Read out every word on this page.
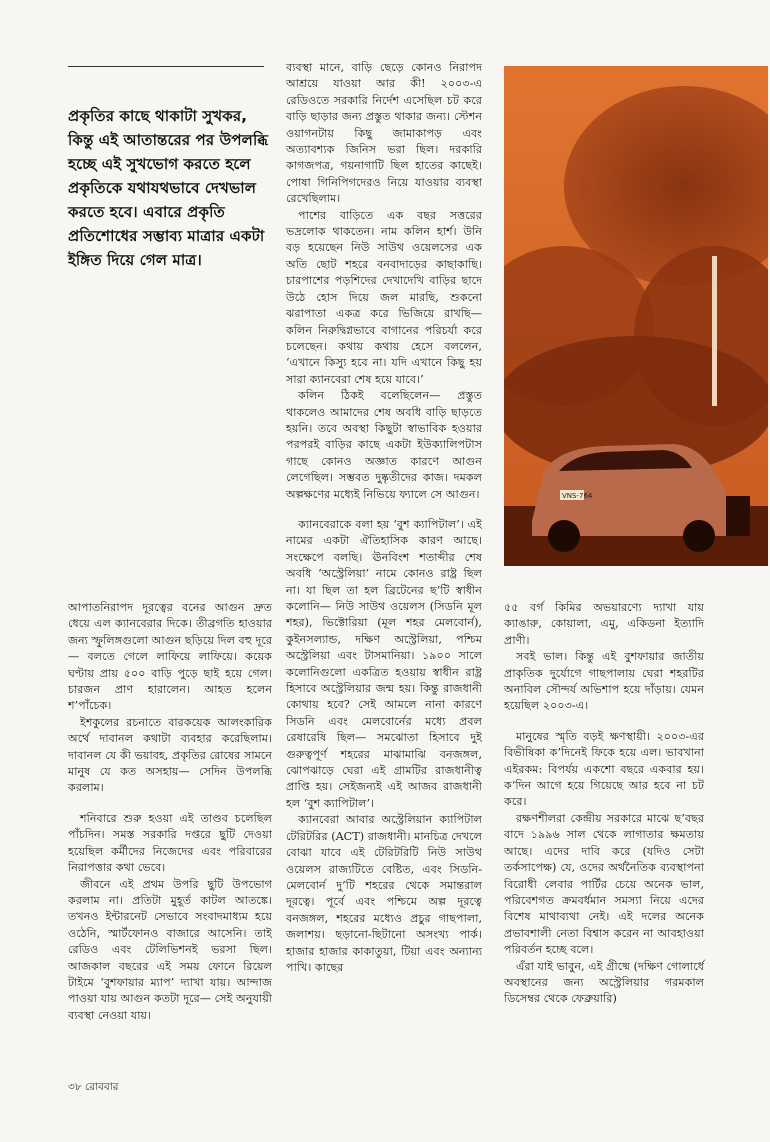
প্রকৃতির কাছে থাকাটা সুখকর, কিন্তু এই আতান্তরের পর উপলব্ধি হচ্ছে এই সুখভোগ করতে হলে প্রকৃতিকে যথাযথভাবে দেখভাল করতে হবে। এবারে প্রকৃতি প্রতিশোধের সম্ভাব্য মাত্রার একটা ইঙ্গিত দিয়ে গেল মাত্র।

ব্যবস্থা মানে, বাড়ি ছেড়ে কোনও নিরাপদ আশ্রয়ে যাওয়া আর কী! ২০০৩-এ রেডিওতে সরকারি নির্দেশ এসেছিল চট করে বাড়ি ছাড়ার জন্য প্রস্তুত থাকার জন্য। স্টেশন ওয়াগনটায় কিছু জামাকাপড় এবং অত্যাবশ্যক জিনিস ভরা ছিল। দরকারি কাগজপত্র, গয়নাগাটি ছিল হাতের কাছেই। পোষা গিনিপিগদেরও নিয়ে যাওয়ার ব্যবস্থা রেখেছিলাম।

পাশের বাড়িতে এক বছর সত্তরের ভদ্রলোক থাকতেন। নাম কলিন হার্শ। উনি বড় হয়েছেন নিউ সাউথ ওয়েলসের এক অতি ছোট শহরে বনবাদাড়ের কাছাকাছি। চারপাশের পড়শিদের দেখাদেখি বাড়ির ছাদে উঠে হোস দিয়ে জল মারছি, শুকনো ঝরাপাতা একত্র করে ভিজিয়ে রাখছি— কলিন নিরুদ্বিগ্নভাবে বাগানের পরিচর্যা করে চলেছেন। কথায় কথায় হেসে বললেন, ‘এখানে কিস্যু হবে না। যদি এখানে কিছু হয় সারা ক্যানবেরা শেষ হয়ে যাবে।’

কলিন ঠিকই বলেছিলেন— প্রস্তুত থাকলেও আমাদের শেষ অবধি বাড়ি ছাড়তে হয়নি। তবে অবস্থা কিছুটা স্বাভাবিক হওয়ার পরপরই বাড়ির কাছে একটা ইউক্যালিপটাস গাছে কোনও অজ্ঞাত কারণে আগুন লেগেছিল। সম্ভবত দুষ্কৃতীদের কাজ। দমকল অল্পক্ষণের মধ্যেই নিভিয়ে ফ্যালে সে আগুন।

ক্যানবেরাকে বলা হয় ‘বুশ ক্যাপিটাল’। এই নামের একটা ঐতিহাসিক কারণ আছে। সংক্ষেপে বলছি। ঊনবিংশ শতাব্দীর শেষ অবধি ‘অস্ট্রেলিয়া’ নামে কোনও রাষ্ট্র ছিল না। যা ছিল তা হল ব্রিটেনের ছ’টি স্বাধীন কলোনি— নিউ সাউথ ওয়েলস (সিডনি মূল শহর), ভিক্টোরিয়া (মূল শহর মেলবোর্ন), কুইনসল্যান্ড, দক্ষিণ অস্ট্রেলিয়া, পশ্চিম অস্ট্রেলিয়া এবং টাসমানিয়া। ১৯০০ সালে কলোনিগুলো একত্রিত হওয়ায় স্বাধীন রাষ্ট্র হিসাবে অস্ট্রেলিয়ার জন্ম হয়। কিন্তু রাজধানী কোথায় হবে? সেই আমলে নানা কারণে সিডনি এবং মেলবোর্নের মধ্যে প্রবল রেষারেষি ছিল— সমঝোতা হিসাবে দুই গুরুত্বপূর্ণ শহরের মাঝামাঝি বনজঙ্গল, ঝোপঝাড়ে ঘেরা এই গ্রামটির রাজধানীত্ব প্রাপ্তি হয়। সেইজন্যই এই আজব রাজধানী হল ‘বুশ ক্যাপিটাল’।

ক্যানবেরা আবার অস্ট্রেলিয়ান ক্যাপিটাল টেরিটরির (ACT) রাজধানী। মানচিত্র দেখলে বোঝা যাবে এই টেরিটরিটি নিউ সাউথ ওয়েলস রাজ্যটিতে বেষ্টিত, এবং সিডনি-মেলবোর্ন দু’টি শহরের থেকে সমান্তরাল দূরত্বে। পূর্বে এবং পশ্চিমে অল্প দূরত্বে বনজঙ্গল, শহরের মধ্যেও প্রচুর গাছপালা, জলাশয়। ছড়ানো-ছিটানো অসংখ্য পার্ক। হাজার হাজার কাকাতুয়া, টিয়া এবং অন্যান্য পাখি। কাছের

VNS-764

আপাতনিরাপদ দূরত্বের বনের আগুন দ্রুত ধেয়ে এল ক্যানবেরার দিকে। তীব্রগতি হাওয়ার জন্য স্ফুলিঙ্গগুলো আগুন ছড়িয়ে দিল বহু দূরে— বলতে গেলে লাফিয়ে লাফিয়ে। কয়েক ঘণ্টায় প্রায় ৫০০ বাড়ি পুড়ে ছাই হয়ে গেল। চারজন প্রাণ হারালেন। আহত হলেন শ’পাঁচেক।

ইশকুলের রচনাতে বারকয়েক আলংকারিক অর্থে দাবানল কথাটা ব্যবহার করেছিলাম। দাবানল যে কী ভয়াবহ, প্রকৃতির রোষের সামনে মানুষ যে কত অসহায়— সেদিন উপলব্ধি করলাম।

শনিবারে শুরু হওয়া এই তাণ্ডব চলেছিল পাঁচদিন। সমস্ত সরকারি দপ্তরে ছুটি দেওয়া হয়েছিল কর্মীদের নিজেদের এবং পরিবারের নিরাপত্তার কথা ভেবে।

জীবনে এই প্রথম উপরি ছুটি উপভোগ করলাম না। প্রতিটা মুহূর্ত কাটল আতঙ্কে। তখনও ইন্টারনেট সেভাবে সংবাদমাধ্যম হয়ে ওঠেনি, স্মার্টফোনও বাজারে আসেনি। তাই রেডিও এবং টেলিভিশনই ভরসা ছিল। আজকাল বছরের এই সময় ফোনে রিয়েল টাইমে ‘বুশফায়ার ম্যাপ’ দ্যাখা যায়। আন্দাজ পাওয়া যায় আগুন কতটা দূরে— সেই অনুযায়ী ব্যবস্থা নেওয়া যায়।

৫৫ বর্গ কিমির অভয়ারণ্যে দ্যাখা যায় ক্যাঙারু, কোয়ালা, এমু, একিডনা ইত্যাদি প্রাণী।

সবই ভাল। কিন্তু এই বুশফায়ার জাতীয় প্রাকৃতিক দুর্যোগে গাছপালায় ঘেরা শহরটির অনাবিল সৌন্দর্য অভিশাপ হয়ে দাঁড়ায়। যেমন হয়েছিল ২০০৩-এ।

মানুষের স্মৃতি বড়ই ক্ষণস্থায়ী। ২০০৩-এর বিভীষিকা ক’দিনেই ফিকে হয়ে এল। ভাবখানা এইরকম: বিপর্যয় একশো বছরে একবার হয়। ক’দিন আগে হয়ে গিয়েছে আর হবে না চট করে।

রক্ষণশীলরা কেন্দ্রীয় সরকারে মাঝে ছ’বছর বাদে ১৯৯৬ সাল থেকে লাগাতার ক্ষমতায় আছে। এদের দাবি করে (যদিও সেটা তর্কসাপেক্ষ) যে, ওদের অর্থনৈতিক ব্যবস্থাপনা বিরোধী লেবার পার্টির চেয়ে অনেক ভাল, পরিবেশগত ক্রমবর্ধমান সমস্যা নিয়ে এদের বিশেষ মাথাব্যথা নেই। এই দলের অনেক প্রভাবশালী নেতা বিশ্বাস করেন না আবহাওয়া পরিবর্তন হচ্ছে বলে।

এঁরা যাই ভাবুন, এই গ্রীষ্মে (দক্ষিণ গোলার্ধে অবস্থানের জন্য অস্ট্রেলিয়ার গরমকাল ডিসেম্বর থেকে ফেব্রুয়ারি)

৩৮ রোববার
